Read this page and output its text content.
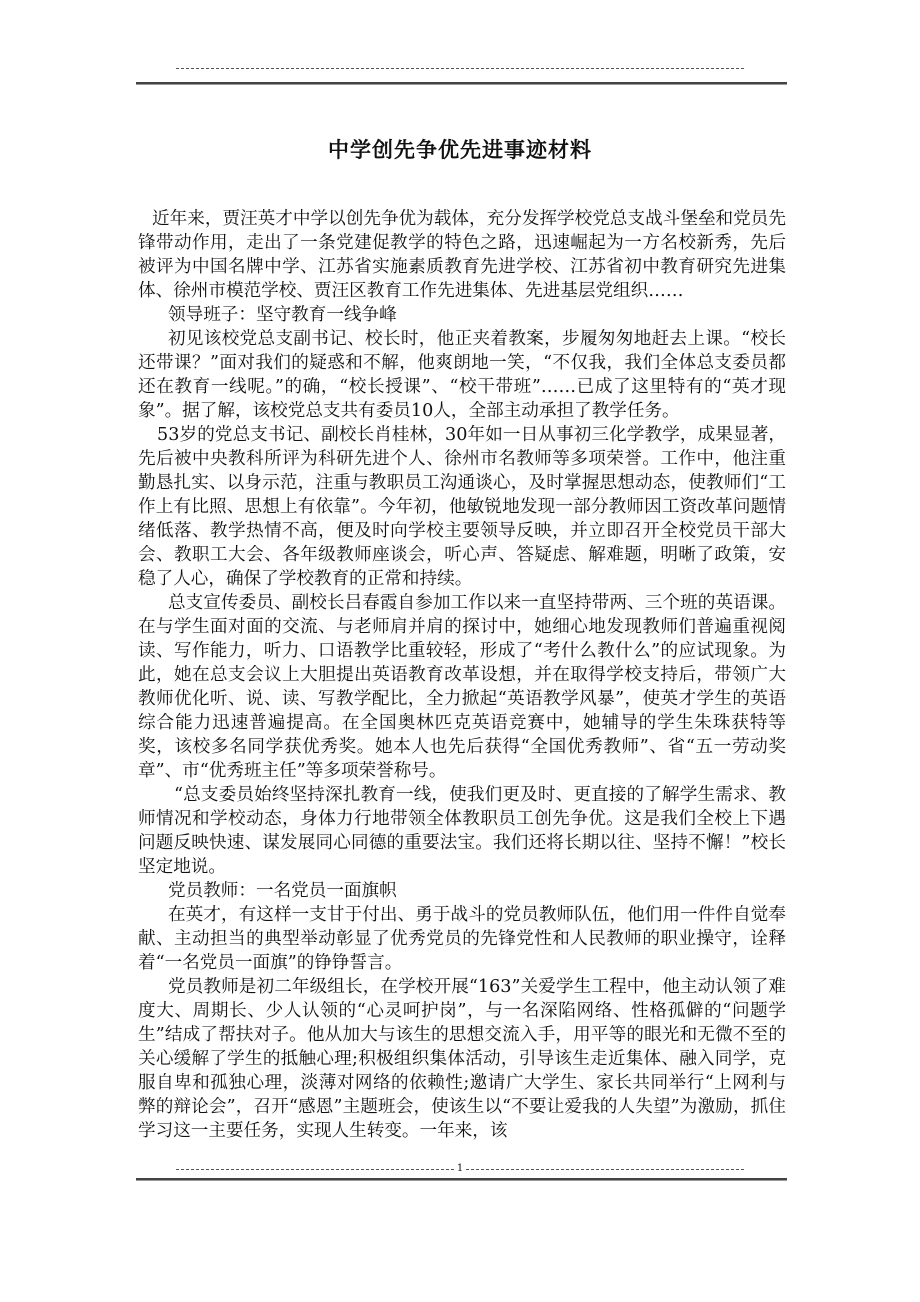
中学创先争优先进事迹材料

近年来，贾汪英才中学以创先争优为载体，充分发挥学校党总支战斗堡垒和党员先锋带动作用，走出了一条党建促教学的特色之路，迅速崛起为一方名校新秀，先后被评为中国名牌中学、江苏省实施素质教育先进学校、江苏省初中教育研究先进集体、徐州市模范学校、贾汪区教育工作先进集体、先进基层党组织……

领导班子：坚守教育一线争峰

初见该校党总支副书记、校长时，他正夹着教案，步履匆匆地赶去上课。“校长还带课？”面对我们的疑惑和不解，他爽朗地一笑，“不仅我，我们全体总支委员都还在教育一线呢。”的确，“校长授课”、“校干带班”……已成了这里特有的“英才现象”。据了解，该校党总支共有委员10人，全部主动承担了教学任务。

53岁的党总支书记、副校长肖桂林，30年如一日从事初三化学教学，成果显著，先后被中央教科所评为科研先进个人、徐州市名教师等多项荣誉。工作中，他注重勤恳扎实、以身示范，注重与教职员工沟通谈心，及时掌握思想动态，使教师们“工作上有比照、思想上有依靠”。今年初，他敏锐地发现一部分教师因工资改革问题情绪低落、教学热情不高，便及时向学校主要领导反映，并立即召开全校党员干部大会、教职工大会、各年级教师座谈会，听心声、答疑虑、解难题，明晰了政策，安稳了人心，确保了学校教育的正常和持续。

总支宣传委员、副校长吕春霞自参加工作以来一直坚持带两、三个班的英语课。在与学生面对面的交流、与老师肩并肩的探讨中，她细心地发现教师们普遍重视阅读、写作能力，听力、口语教学比重较轻，形成了“考什么教什么”的应试现象。为此，她在总支会议上大胆提出英语教育改革设想，并在取得学校支持后，带领广大教师优化听、说、读、写教学配比，全力掀起“英语教学风暴”，使英才学生的英语综合能力迅速普遍提高。在全国奥林匹克英语竞赛中，她辅导的学生朱珠获特等奖，该校多名同学获优秀奖。她本人也先后获得“全国优秀教师”、省“五一劳动奖章”、市“优秀班主任”等多项荣誉称号。

“总支委员始终坚持深扎教育一线，使我们更及时、更直接的了解学生需求、教师情况和学校动态，身体力行地带领全体教职员工创先争优。这是我们全校上下遇问题反映快速、谋发展同心同德的重要法宝。我们还将长期以往、坚持不懈！”校长坚定地说。

党员教师：一名党员一面旗帜

在英才，有这样一支甘于付出、勇于战斗的党员教师队伍，他们用一件件自觉奉献、主动担当的典型举动彰显了优秀党员的先锋党性和人民教师的职业操守，诠释着“一名党员一面旗”的铮铮誓言。

党员教师是初二年级组长，在学校开展“163”关爱学生工程中，他主动认领了难度大、周期长、少人认领的“心灵呵护岗”，与一名深陷网络、性格孤僻的“问题学生”结成了帮扶对子。他从加大与该生的思想交流入手，用平等的眼光和无微不至的关心缓解了学生的抵触心理;积极组织集体活动，引导该生走近集体、融入同学，克服自卑和孤独心理，淡薄对网络的依赖性;邀请广大学生、家长共同举行“上网利与弊的辩论会”，召开“感恩”主题班会，使该生以“不要让爱我的人失望”为激励，抓住学习这一主要任务，实现人生转变。一年来，该

1
